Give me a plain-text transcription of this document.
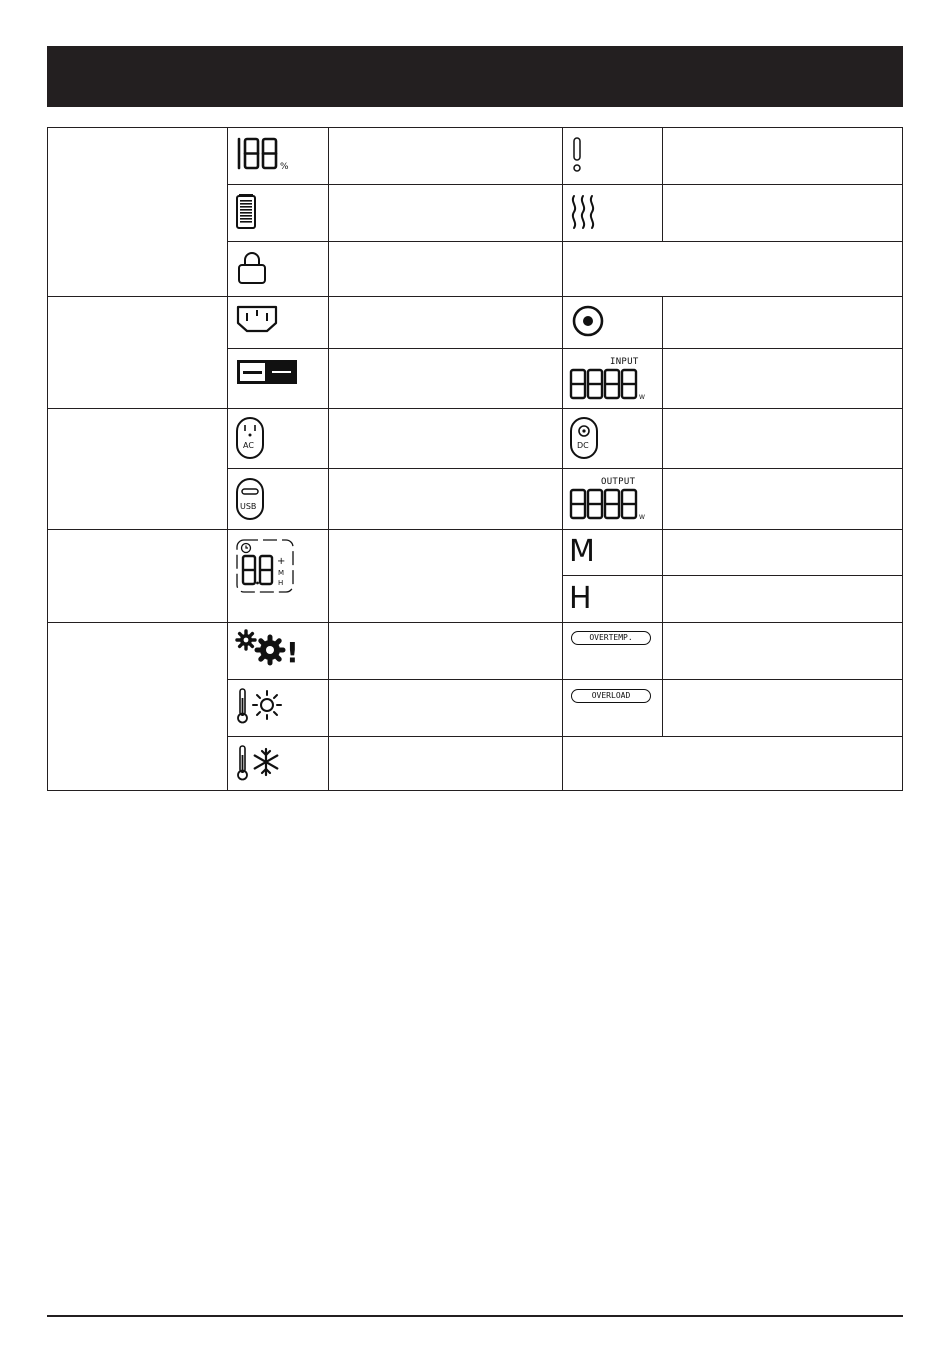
%
INPUT
W
AC	DC
USB
OUTPUT
W
+
M
H
M
H
!	OVERTEMP.
OVERLOAD
